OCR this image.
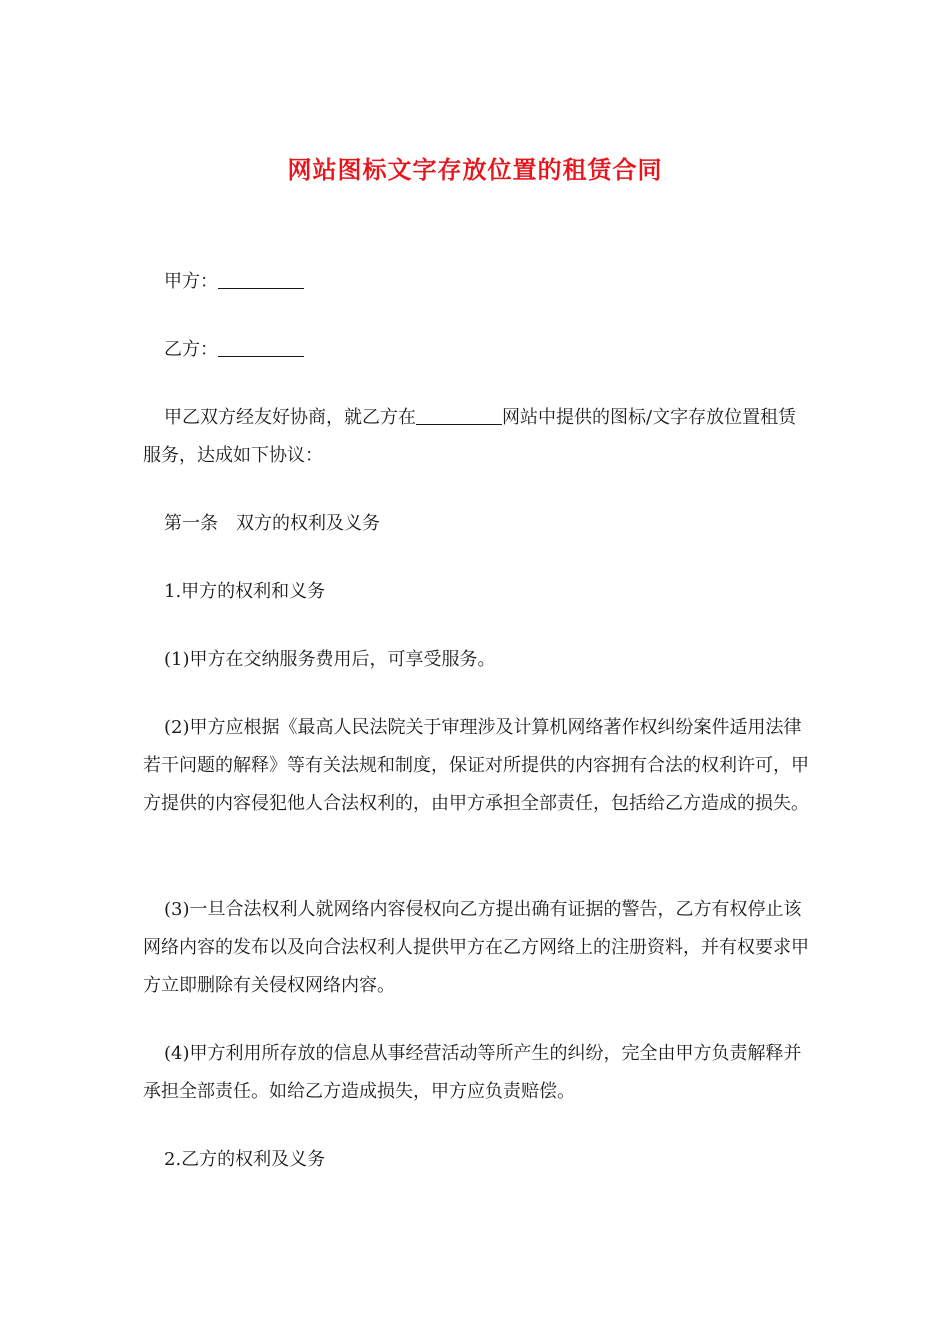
网站图标文字存放位置的租赁合同

甲方：

乙方：

甲乙双方经友好协商，就乙方在	网站中提供的图标/文字存放位置租赁服务，达成如下协议：

第一条　双方的权利及义务

1.甲方的权利和义务

(1)甲方在交纳服务费用后，可享受服务。

(2)甲方应根据《最高人民法院关于审理涉及计算机网络著作权纠纷案件适用法律若干问题的解释》等有关法规和制度，保证对所提供的内容拥有合法的权利许可，甲方提供的内容侵犯他人合法权利的，由甲方承担全部责任，包括给乙方造成的损失。

(3)一旦合法权利人就网络内容侵权向乙方提出确有证据的警告，乙方有权停止该网络内容的发布以及向合法权利人提供甲方在乙方网络上的注册资料，并有权要求甲方立即删除有关侵权网络内容。

(4)甲方利用所存放的信息从事经营活动等所产生的纠纷，完全由甲方负责解释并承担全部责任。如给乙方造成损失，甲方应负责赔偿。

2.乙方的权利及义务
